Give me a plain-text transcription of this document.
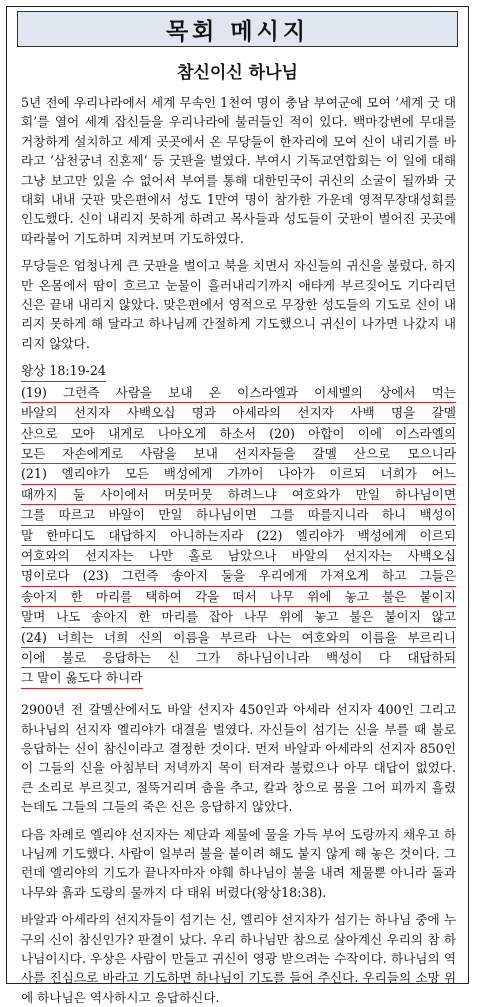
목회 메시지
참신이신 하나님

5년 전에 우리나라에서 세계 무속인 1천여 명이 충남 부여군에 모여 ‘세계 굿 대회’를 열어 세계 잡신들을 우리나라에 불러들인 적이 있다. 백마강변에 무대를 거창하게 설치하고 세계 곳곳에서 온 무당들이 한자리에 모여 신이 내리기를 바라고 ‘삼천궁녀 진혼제’ 등 굿판을 벌였다. 부여시 기독교연합회는 이 일에 대해 그냥 보고만 있을 수 없어서 부여를 통해 대한민국이 귀신의 소굴이 될까봐 굿 대회 내내 굿판 맞은편에서 성도 1만여 명이 참가한 가운데 영적무장대성회를 인도했다. 신이 내리지 못하게 하려고 목사들과 성도들이 굿판이 벌어진 곳곳에 따라붙어 기도하며 지켜보며 기도하였다.

무당들은 엄청나게 큰 굿판을 벌이고 북을 치면서 자신들의 귀신을 불렀다. 하지만 온몸에서 땀이 흐르고 눈물이 흘러내리기까지 애타게 부르짖어도 기다리던 신은 끝내 내리지 않았다. 맞은편에서 영적으로 무장한 성도들의 기도로 신이 내리지 못하게 해 달라고 하나님께 간절하게 기도했으니 귀신이 나가면 나갔지 내리지 않았다.

왕상 18:19-24
(19) 그런즉 사람을 보내 온 이스라엘과 이세벨의 상에서 먹는
바알의 선지자 사백오십 명과 아세라의 선지자 사백 명을 갈멜
산으로 모아 내게로 나아오게 하소서 (20) 아합이 이에 이스라엘의
모든 자손에게로 사람을 보내 선지자들을 갈멜 산으로 모으니라
(21) 엘리야가 모든 백성에게 가까이 나아가 이르되 너희가 어느
때까지 둘 사이에서 머뭇머뭇 하려느냐 여호와가 만일 하나님이면
그를 따르고 바알이 만일 하나님이면 그를 따를지니라 하니 백성이
말 한마디도 대답하지 아니하는지라 (22) 엘리야가 백성에게 이르되
여호와의 선지자는 나만 홀로 남았으나 바알의 선지자는 사백오십
명이로다 (23) 그런즉 송아지 둘을 우리에게 가져오게 하고 그들은
송아지 한 마리를 택하여 각을 떠서 나무 위에 놓고 불은 붙이지
말며 나도 송아지 한 마리를 잡아 나무 위에 놓고 불은 붙이지 않고
(24) 너희는 너희 신의 이름을 부르라 나는 여호와의 이름을 부르리니
이에 불로 응답하는 신 그가 하나님이니라 백성이 다 대답하되
그 말이 옳도다 하니라

2900년 전 갈멜산에서도 바알 선지자 450인과 아세라 선지자 400인 그리고 하나님의 선지자 엘리야가 대결을 벌였다. 자신들이 섬기는 신을 부를 때 불로 응답하는 신이 참신이라고 결정한 것이다. 먼저 바알과 아세라의 선지자 850인이 그들의 신을 아침부터 저녁까지 목이 터져라 불렀으나 아무 대답이 없었다. 큰 소리로 부르짖고, 절뚝거리며 춤을 추고, 칼과 창으로 몸을 그어 피까지 흘렸는데도 그들의 그들의 죽은 신은 응답하지 않았다.

다음 차례로 엘리야 선지자는 제단과 제물에 물을 가득 부어 도랑까지 채우고 하나님께 기도했다. 사람이 일부러 불을 붙이려 해도 붙지 않게 해 놓은 것이다. 그런데 엘리야의 기도가 끝나자마자 야훼 하나님이 불을 내려 제물뿐 아니라 돌과 나무와 흙과 도랑의 물까지 다 태워 버렸다(왕상18:38).

바알과 아세라의 선지자들이 섬기는 신, 엘리야 선지자가 섬기는 하나님 중에 누구의 신이 참신인가? 판결이 났다. 우리 하나님만 참으로 살아계신 우리의 참 하나님이시다. 우상은 사람이 만들고 귀신이 영광 받으려는 수작이다. 하나님의 역사를 진심으로 바라고 기도하면 하나님이 기도를 들어 주신다. 우리들의 소망 위에 하나님은 역사하시고 응답하신다.
